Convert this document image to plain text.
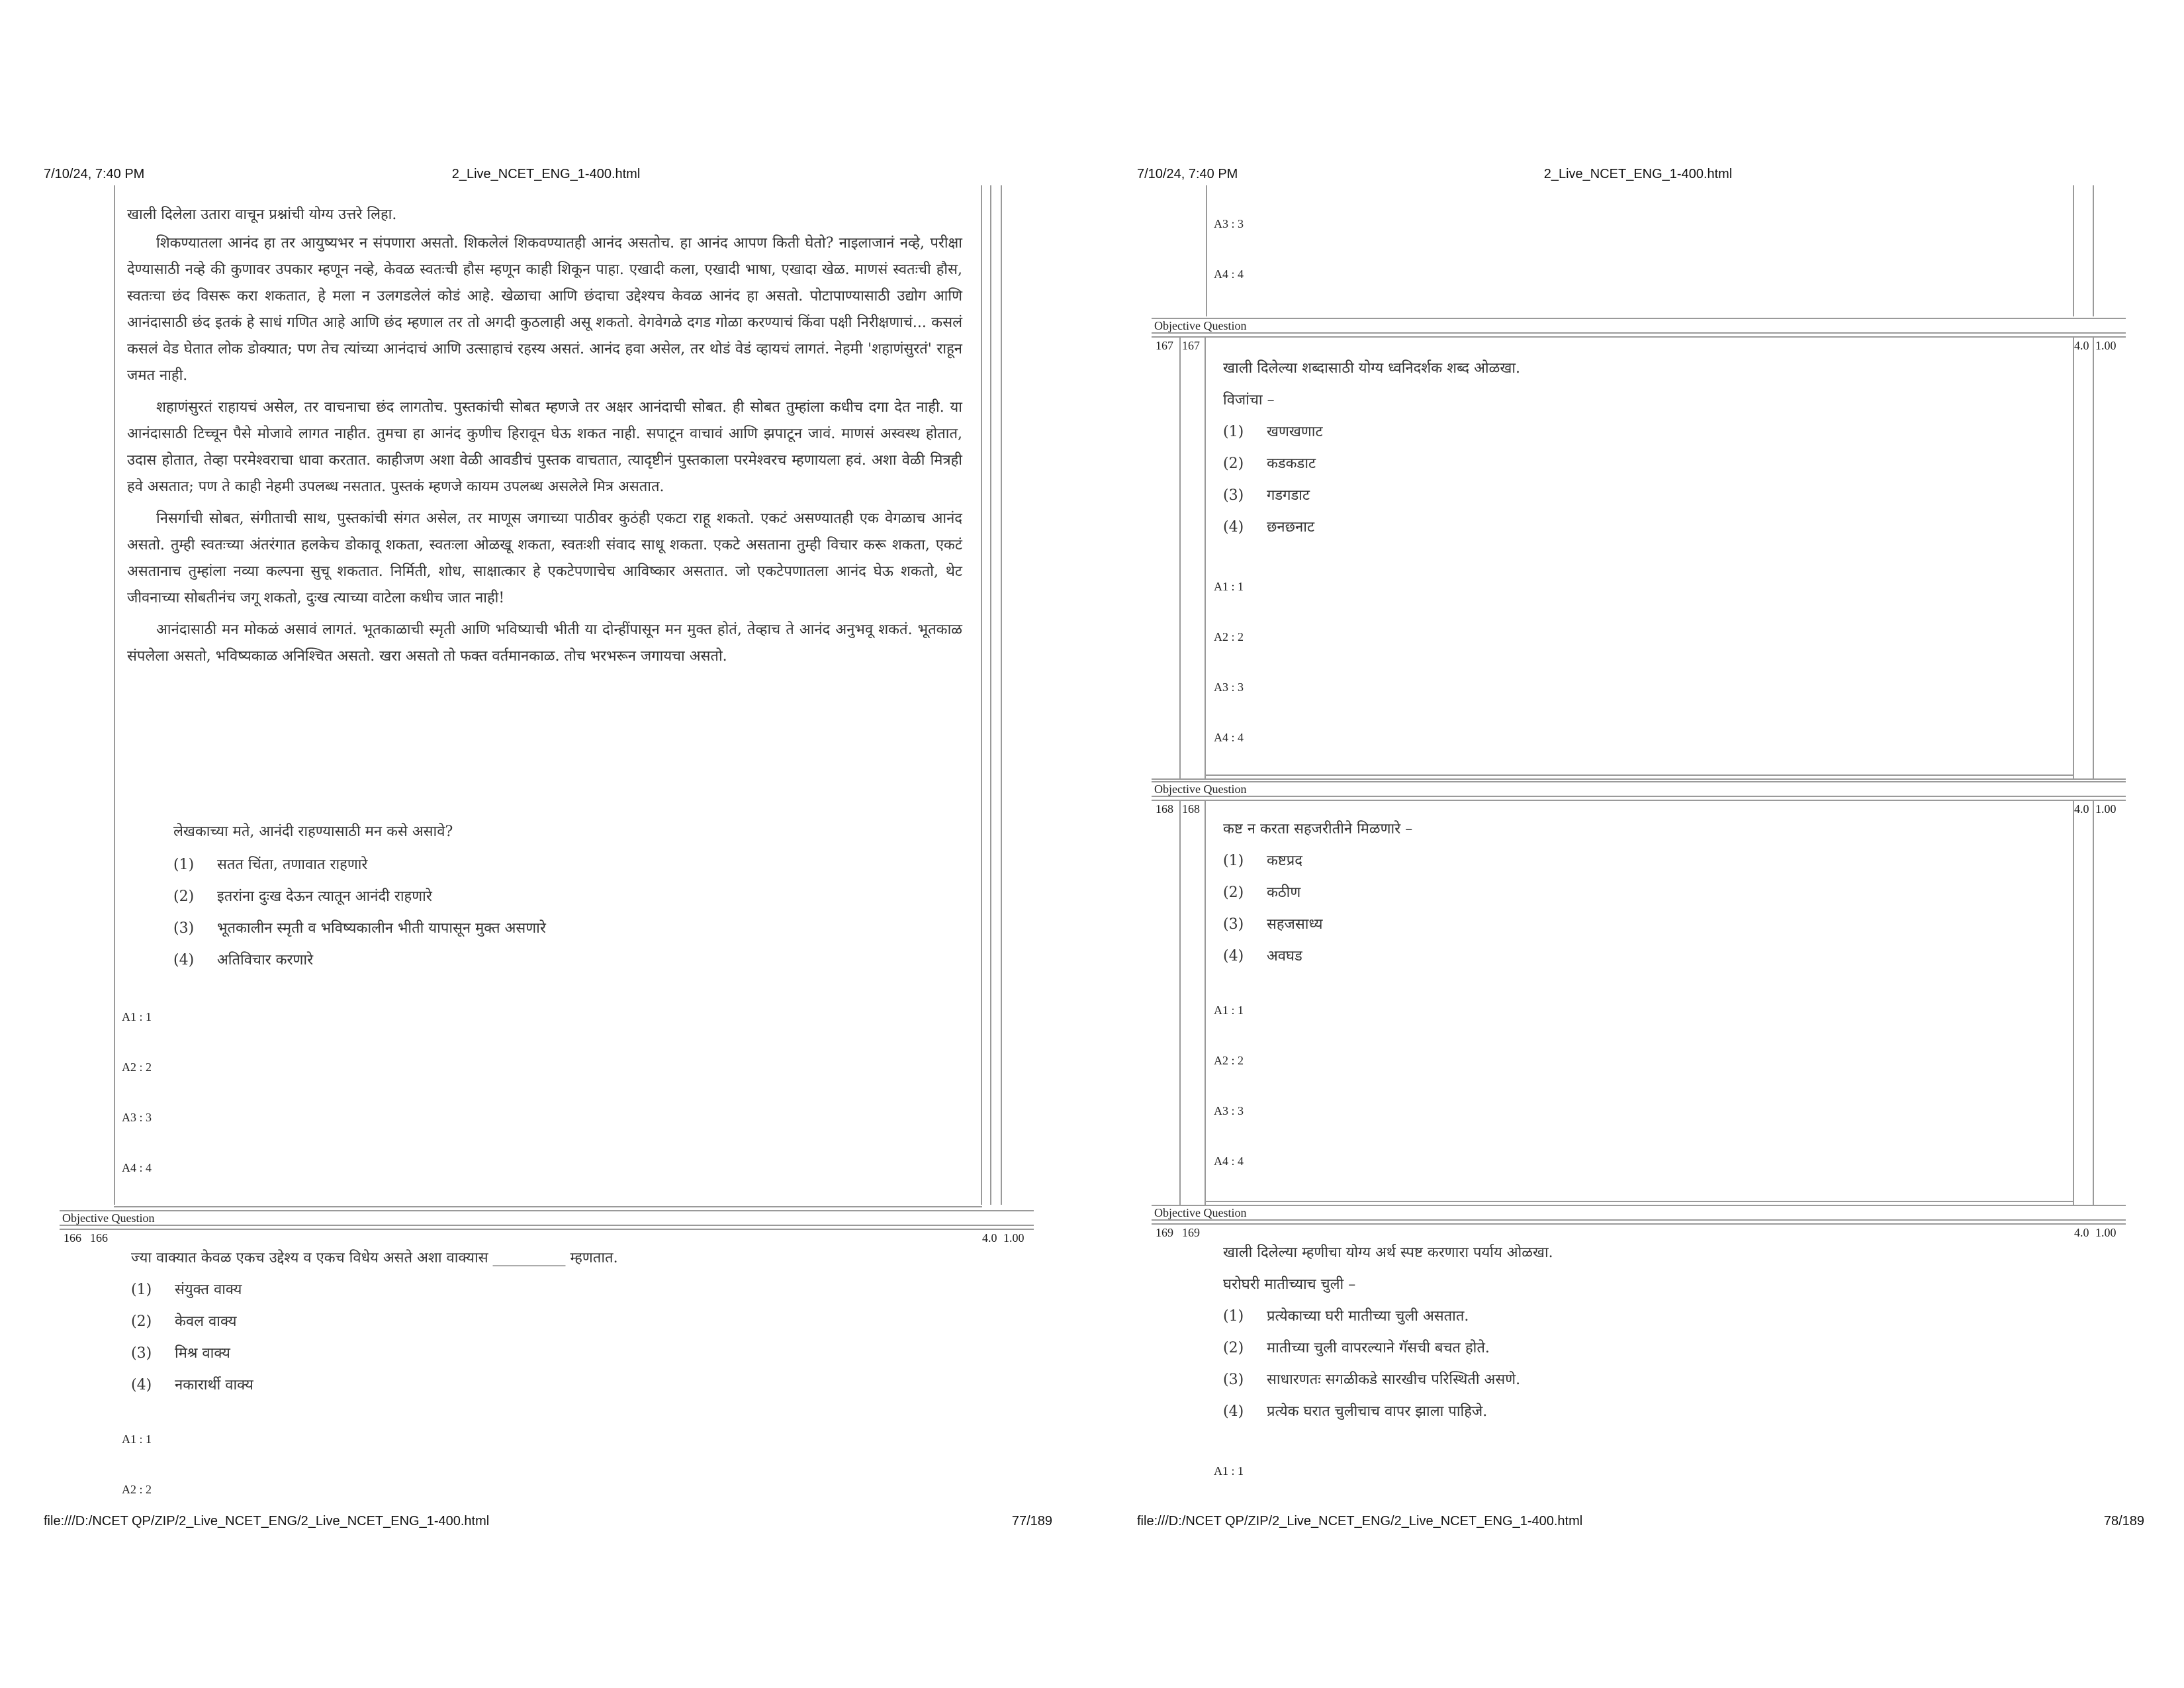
7/10/24, 7:40 PM	2_Live_NCET_ENG_1-400.html
खाली दिलेला उतारा वाचून प्रश्नांची योग्य उत्तरे लिहा.

शिकण्यातला आनंद हा तर आयुष्यभर न संपणारा असतो. शिकलेलं शिकवण्यातही आनंद असतोच. हा आनंद आपण किती घेतो? नाइलाजानं नव्हे, परीक्षा देण्यासाठी नव्हे की कुणावर उपकार म्हणून नव्हे, केवळ स्वतःची हौस म्हणून काही शिकून पाहा. एखादी कला, एखादी भाषा, एखादा खेळ. माणसं स्वतःची हौस, स्वतःचा छंद विसरू करा शकतात, हे मला न उलगडलेलं कोडं आहे. खेळाचा आणि छंदाचा उद्देश्यच केवळ आनंद हा असतो. पोटापाण्यासाठी उद्योग आणि आनंदासाठी छंद इतकं हे साधं गणित आहे आणि छंद म्हणाल तर तो अगदी कुठलाही असू शकतो. वेगवेगळे दगड गोळा करण्याचं किंवा पक्षी निरीक्षणाचं... कसलं कसलं वेड घेतात लोक डोक्यात; पण तेच त्यांच्या आनंदाचं आणि उत्साहाचं रहस्य असतं. आनंद हवा असेल, तर थोडं वेडं व्हायचं लागतं. नेहमी 'शहाणंसुरतं' राहून जमत नाही.

शहाणंसुरतं राहायचं असेल, तर वाचनाचा छंद लागतोच. पुस्तकांची सोबत म्हणजे तर अक्षर आनंदाची सोबत. ही सोबत तुम्हांला कधीच दगा देत नाही. या आनंदासाठी टिच्चून पैसे मोजावे लागत नाहीत. तुमचा हा आनंद कुणीच हिरावून घेऊ शकत नाही. सपाटून वाचावं आणि झपाटून जावं. माणसं अस्वस्थ होतात, उदास होतात, तेव्हा परमेश्वराचा धावा करतात. काहीजण अशा वेळी आवडीचं पुस्तक वाचतात, त्यादृष्टीनं पुस्तकाला परमेश्वरच म्हणायला हवं. अशा वेळी मित्रही हवे असतात; पण ते काही नेहमी उपलब्ध नसतात. पुस्तकं म्हणजे कायम उपलब्ध असलेले मित्र असतात.

निसर्गाची सोबत, संगीताची साथ, पुस्तकांची संगत असेल, तर माणूस जगाच्या पाठीवर कुठंही एकटा राहू शकतो. एकटं असण्यातही एक वेगळाच आनंद असतो. तुम्ही स्वतःच्या अंतरंगात हलकेच डोकावू शकता, स्वतःला ओळखू शकता, स्वतःशी संवाद साधू शकता. एकटे असताना तुम्ही विचार करू शकता, एकटं असतानाच तुम्हांला नव्या कल्पना सुचू शकतात. निर्मिती, शोध, साक्षात्कार हे एकटेपणाचेच आविष्कार असतात. जो एकटेपणातला आनंद घेऊ शकतो, थेट जीवनाच्या सोबतीनंच जगू शकतो, दुःख त्याच्या वाटेला कधीच जात नाही!

आनंदासाठी मन मोकळं असावं लागतं. भूतकाळाची स्मृती आणि भविष्याची भीती या दोन्हींपासून मन मुक्त होतं, तेव्हाच ते आनंद अनुभवू शकतं. भूतकाळ संपलेला असतो, भविष्यकाळ अनिश्चित असतो. खरा असतो तो फक्त वर्तमानकाळ. तोच भरभरून जगायचा असतो.

लेखकाच्या मते, आनंदी राहण्यासाठी मन कसे असावे?
(1) सतत चिंता, तणावात राहणारे
(2) इतरांना दुःख देऊन त्यातून आनंदी राहणारे
(3) भूतकालीन स्मृती व भविष्यकालीन भीती यापासून मुक्त असणारे
(4) अतिविचार करणारे
A1 : 1
A2 : 2
A3 : 3
A4 : 4
Objective Question
166 166	4.0 1.00
ज्या वाक्यात केवळ एकच उद्देश्य व एकच विधेय असते अशा वाक्यास __________ म्हणतात.
(1) संयुक्त वाक्य
(2) केवल वाक्य
(3) मिश्र वाक्य
(4) नकारार्थी वाक्य
A1 : 1
A2 : 2
file:///D:/NCET QP/ZIP/2_Live_NCET_ENG/2_Live_NCET_ENG_1-400.html	77/189
7/10/24, 7:40 PM	2_Live_NCET_ENG_1-400.html
A3 : 3
A4 : 4
Objective Question
167 167	4.0 1.00
खाली दिलेल्या शब्दासाठी योग्य ध्वनिदर्शक शब्द ओळखा.
विजांचा –
(1) खणखणाट
(2) कडकडाट
(3) गडगडाट
(4) छनछनाट
A1 : 1
A2 : 2
A3 : 3
A4 : 4
Objective Question
168 168	4.0 1.00
कष्ट न करता सहजरीतीने मिळणारे –
(1) कष्टप्रद
(2) कठीण
(3) सहजसाध्य
(4) अवघड
A1 : 1
A2 : 2
A3 : 3
A4 : 4
Objective Question
169 169	4.0 1.00
खाली दिलेल्या म्हणीचा योग्य अर्थ स्पष्ट करणारा पर्याय ओळखा.
घरोघरी मातीच्याच चुली –
(1) प्रत्येकाच्या घरी मातीच्या चुली असतात.
(2) मातीच्या चुली वापरल्याने गॅसची बचत होते.
(3) साधारणतः सगळीकडे सारखीच परिस्थिती असणे.
(4) प्रत्येक घरात चुलीचाच वापर झाला पाहिजे.
A1 : 1
file:///D:/NCET QP/ZIP/2_Live_NCET_ENG/2_Live_NCET_ENG_1-400.html	78/189
